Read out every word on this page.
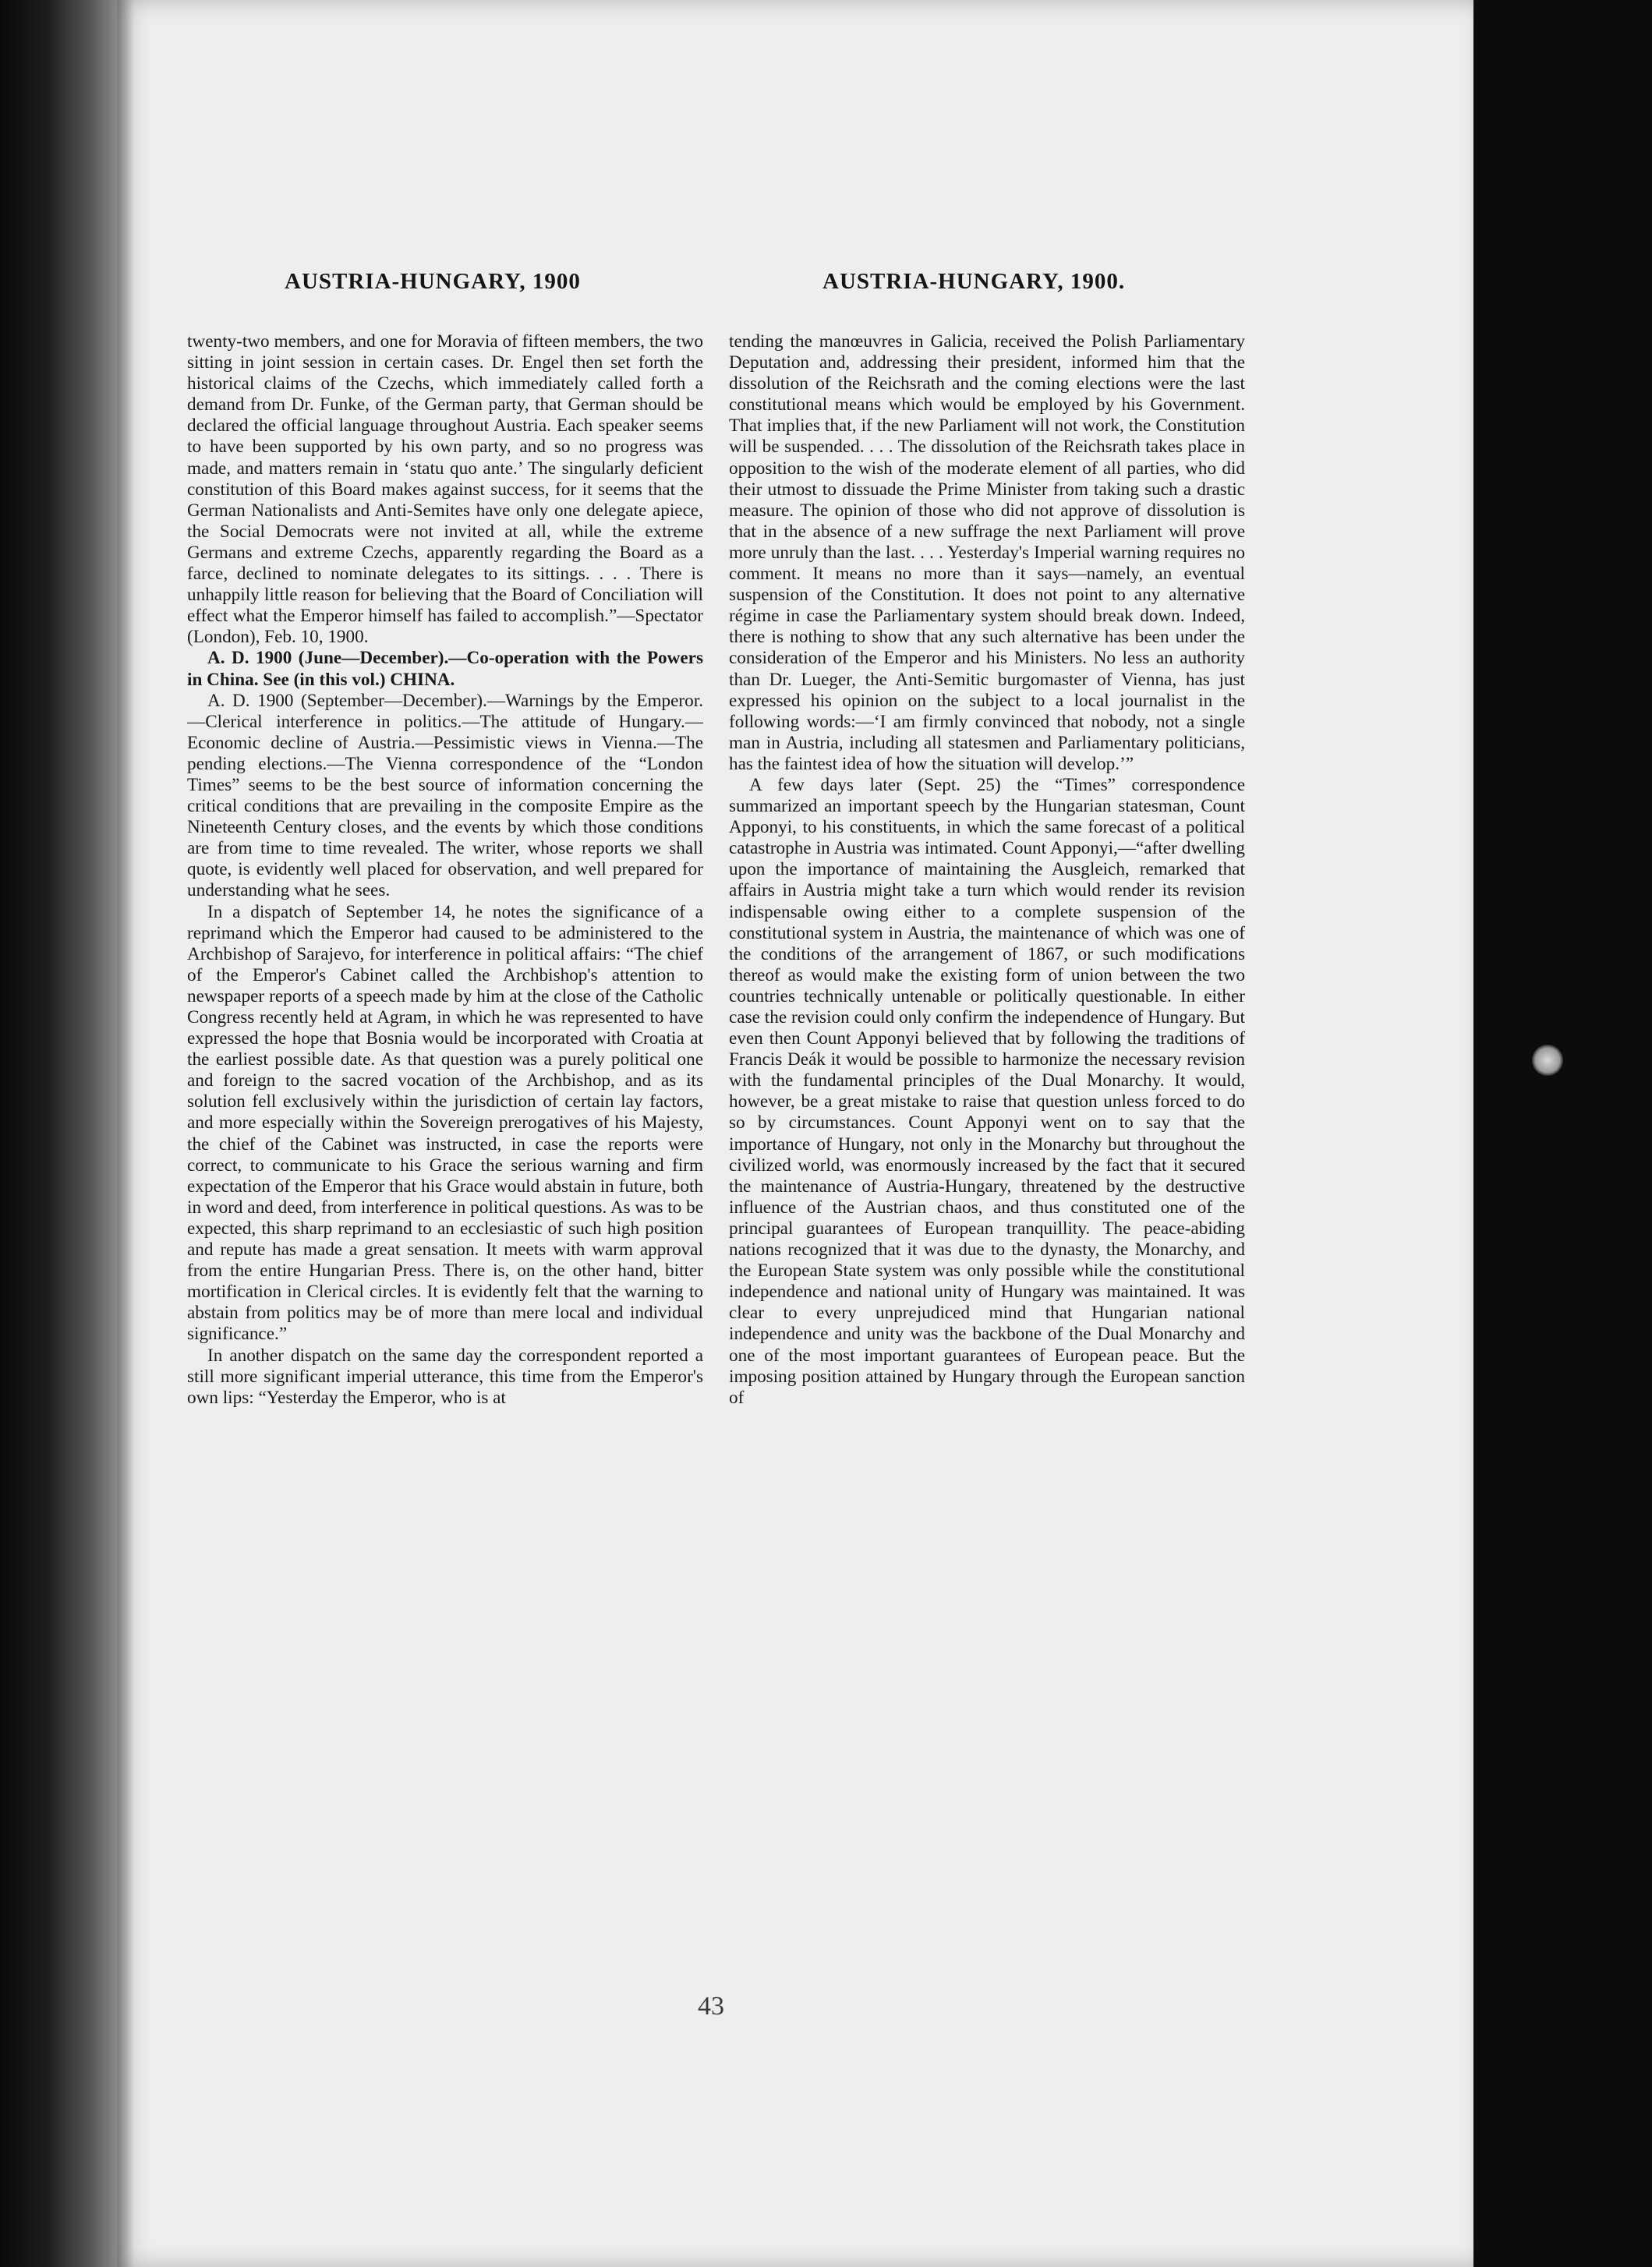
AUSTRIA-HUNGARY, 1900	AUSTRIA-HUNGARY, 1900.

twenty-two members, and one for Moravia of fifteen members, the two sitting in joint session in certain cases. Dr. Engel then set forth the historical claims of the Czechs, which immediately called forth a demand from Dr. Funke, of the German party, that German should be declared the official language throughout Austria. Each speaker seems to have been supported by his own party, and so no progress was made, and matters remain in ‘statu quo ante.’ The singularly deficient constitution of this Board makes against success, for it seems that the German Nationalists and Anti-Semites have only one delegate apiece, the Social Democrats were not invited at all, while the extreme Germans and extreme Czechs, apparently regarding the Board as a farce, declined to nominate delegates to its sittings. . . . There is unhappily little reason for believing that the Board of Conciliation will effect what the Emperor himself has failed to accomplish.”—Spectator (London), Feb. 10, 1900.

A. D. 1900 (June—December).—Co-operation with the Powers in China. See (in this vol.) CHINA.

A. D. 1900 (September—December).—Warnings by the Emperor.—Clerical interference in politics.—The attitude of Hungary.—Economic decline of Austria.—Pessimistic views in Vienna.—The pending elections.—The Vienna correspondence of the “London Times” seems to be the best source of information concerning the critical conditions that are prevailing in the composite Empire as the Nineteenth Century closes, and the events by which those conditions are from time to time revealed. The writer, whose reports we shall quote, is evidently well placed for observation, and well prepared for understanding what he sees.

In a dispatch of September 14, he notes the significance of a reprimand which the Emperor had caused to be administered to the Archbishop of Sarajevo, for interference in political affairs: “The chief of the Emperor's Cabinet called the Archbishop's attention to newspaper reports of a speech made by him at the close of the Catholic Congress recently held at Agram, in which he was represented to have expressed the hope that Bosnia would be incorporated with Croatia at the earliest possible date. As that question was a purely political one and foreign to the sacred vocation of the Archbishop, and as its solution fell exclusively within the jurisdiction of certain lay factors, and more especially within the Sovereign prerogatives of his Majesty, the chief of the Cabinet was instructed, in case the reports were correct, to communicate to his Grace the serious warning and firm expectation of the Emperor that his Grace would abstain in future, both in word and deed, from interference in political questions. As was to be expected, this sharp reprimand to an ecclesiastic of such high position and repute has made a great sensation. It meets with warm approval from the entire Hungarian Press. There is, on the other hand, bitter mortification in Clerical circles. It is evidently felt that the warning to abstain from politics may be of more than mere local and individual significance.”

In another dispatch on the same day the correspondent reported a still more significant imperial utterance, this time from the Emperor's own lips: “Yesterday the Emperor, who is at

tending the manœuvres in Galicia, received the Polish Parliamentary Deputation and, addressing their president, informed him that the dissolution of the Reichsrath and the coming elections were the last constitutional means which would be employed by his Government. That implies that, if the new Parliament will not work, the Constitution will be suspended. . . . The dissolution of the Reichsrath takes place in opposition to the wish of the moderate element of all parties, who did their utmost to dissuade the Prime Minister from taking such a drastic measure. The opinion of those who did not approve of dissolution is that in the absence of a new suffrage the next Parliament will prove more unruly than the last. . . . Yesterday's Imperial warning requires no comment. It means no more than it says—namely, an eventual suspension of the Constitution. It does not point to any alternative régime in case the Parliamentary system should break down. Indeed, there is nothing to show that any such alternative has been under the consideration of the Emperor and his Ministers. No less an authority than Dr. Lueger, the Anti-Semitic burgomaster of Vienna, has just expressed his opinion on the subject to a local journalist in the following words:—‘I am firmly convinced that nobody, not a single man in Austria, including all statesmen and Parliamentary politicians, has the faintest idea of how the situation will develop.’”

A few days later (Sept. 25) the “Times” correspondence summarized an important speech by the Hungarian statesman, Count Apponyi, to his constituents, in which the same forecast of a political catastrophe in Austria was intimated. Count Apponyi,—“after dwelling upon the importance of maintaining the Ausgleich, remarked that affairs in Austria might take a turn which would render its revision indispensable owing either to a complete suspension of the constitutional system in Austria, the maintenance of which was one of the conditions of the arrangement of 1867, or such modifications thereof as would make the existing form of union between the two countries technically untenable or politically questionable. In either case the revision could only confirm the independence of Hungary. But even then Count Apponyi believed that by following the traditions of Francis Deák it would be possible to harmonize the necessary revision with the fundamental principles of the Dual Monarchy. It would, however, be a great mistake to raise that question unless forced to do so by circumstances. Count Apponyi went on to say that the importance of Hungary, not only in the Monarchy but throughout the civilized world, was enormously increased by the fact that it secured the maintenance of Austria-Hungary, threatened by the destructive influence of the Austrian chaos, and thus constituted one of the principal guarantees of European tranquillity. The peace-abiding nations recognized that it was due to the dynasty, the Monarchy, and the European State system was only possible while the constitutional independence and national unity of Hungary was maintained. It was clear to every unprejudiced mind that Hungarian national independence and unity was the backbone of the Dual Monarchy and one of the most important guarantees of European peace. But the imposing position attained by Hungary through the European sanction of

43
